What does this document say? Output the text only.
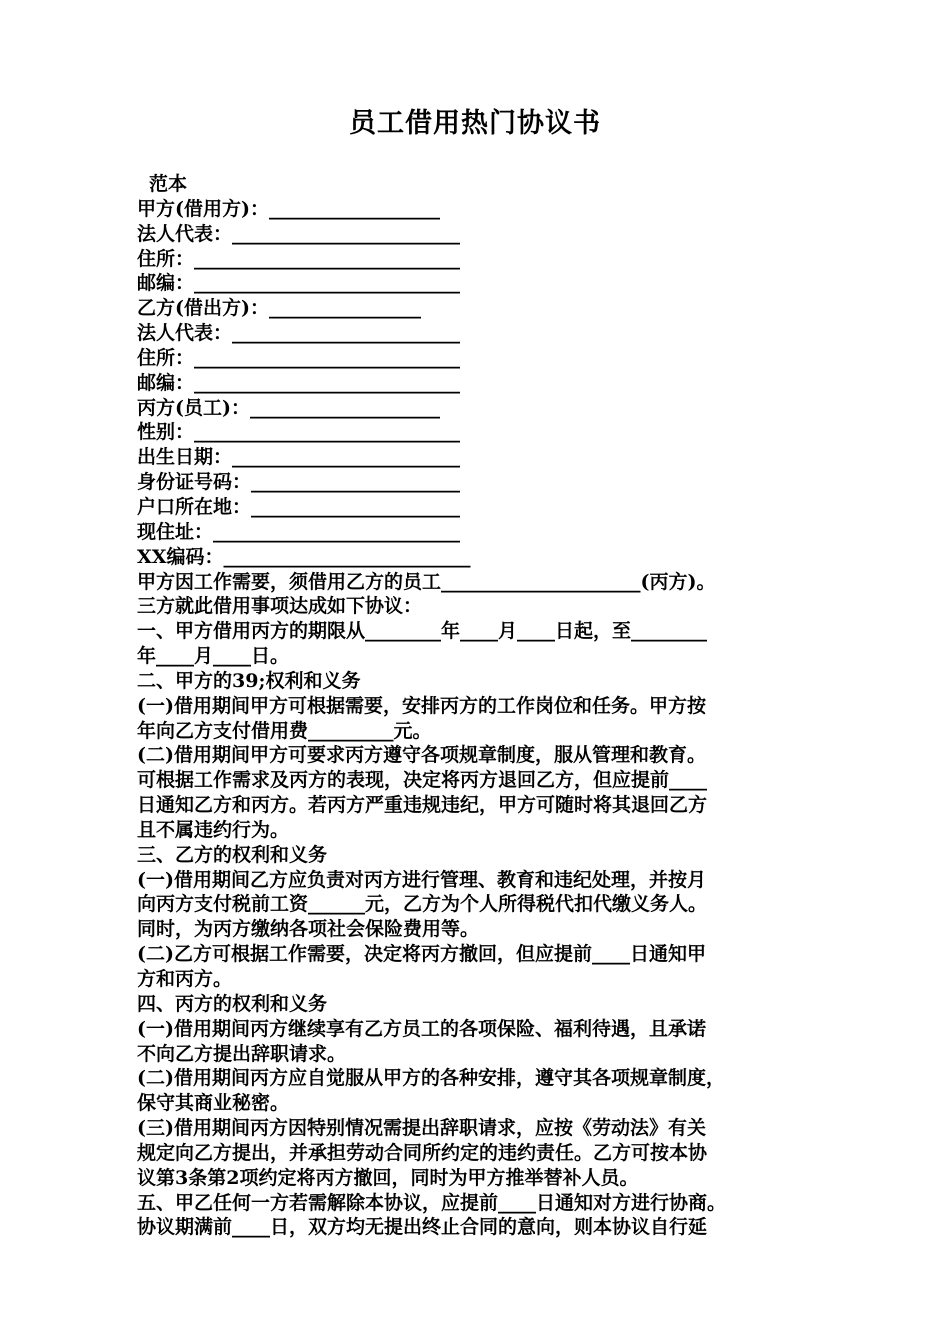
员工借用热门协议书
范本
甲方(借用方)：__________________
法人代表：________________________
住所：____________________________
邮编：____________________________
乙方(借出方)：________________
法人代表：________________________
住所：____________________________
邮编：____________________________
丙方(员工)：____________________
性别：____________________________
出生日期：________________________
身份证号码：______________________
户口所在地：______________________
现住址：__________________________
XX编码：__________________________
甲方因工作需要，须借用乙方的员工_____________________(丙方)。
三方就此借用事项达成如下协议：
一、甲方借用丙方的期限从________年____月____日起，至________
年____月____日。
二、甲方的39;权利和义务
(一)借用期间甲方可根据需要，安排丙方的工作岗位和任务。甲方按
年向乙方支付借用费_________元。
(二)借用期间甲方可要求丙方遵守各项规章制度，服从管理和教育。
可根据工作需求及丙方的表现，决定将丙方退回乙方，但应提前____
日通知乙方和丙方。若丙方严重违规违纪，甲方可随时将其退回乙方
且不属违约行为。
三、乙方的权利和义务
(一)借用期间乙方应负责对丙方进行管理、教育和违纪处理，并按月
向丙方支付税前工资______元，乙方为个人所得税代扣代缴义务人。
同时，为丙方缴纳各项社会保险费用等。
(二)乙方可根据工作需要，决定将丙方撤回，但应提前____日通知甲
方和丙方。
四、丙方的权利和义务
(一)借用期间丙方继续享有乙方员工的各项保险、福利待遇，且承诺
不向乙方提出辞职请求。
(二)借用期间丙方应自觉服从甲方的各种安排，遵守其各项规章制度，
保守其商业秘密。
(三)借用期间丙方因特别情况需提出辞职请求，应按《劳动法》有关
规定向乙方提出，并承担劳动合同所约定的违约责任。乙方可按本协
议第3条第2项约定将丙方撤回，同时为甲方推举替补人员。
五、甲乙任何一方若需解除本协议，应提前____日通知对方进行协商。
协议期满前____日，双方均无提出终止合同的意向，则本协议自行延
